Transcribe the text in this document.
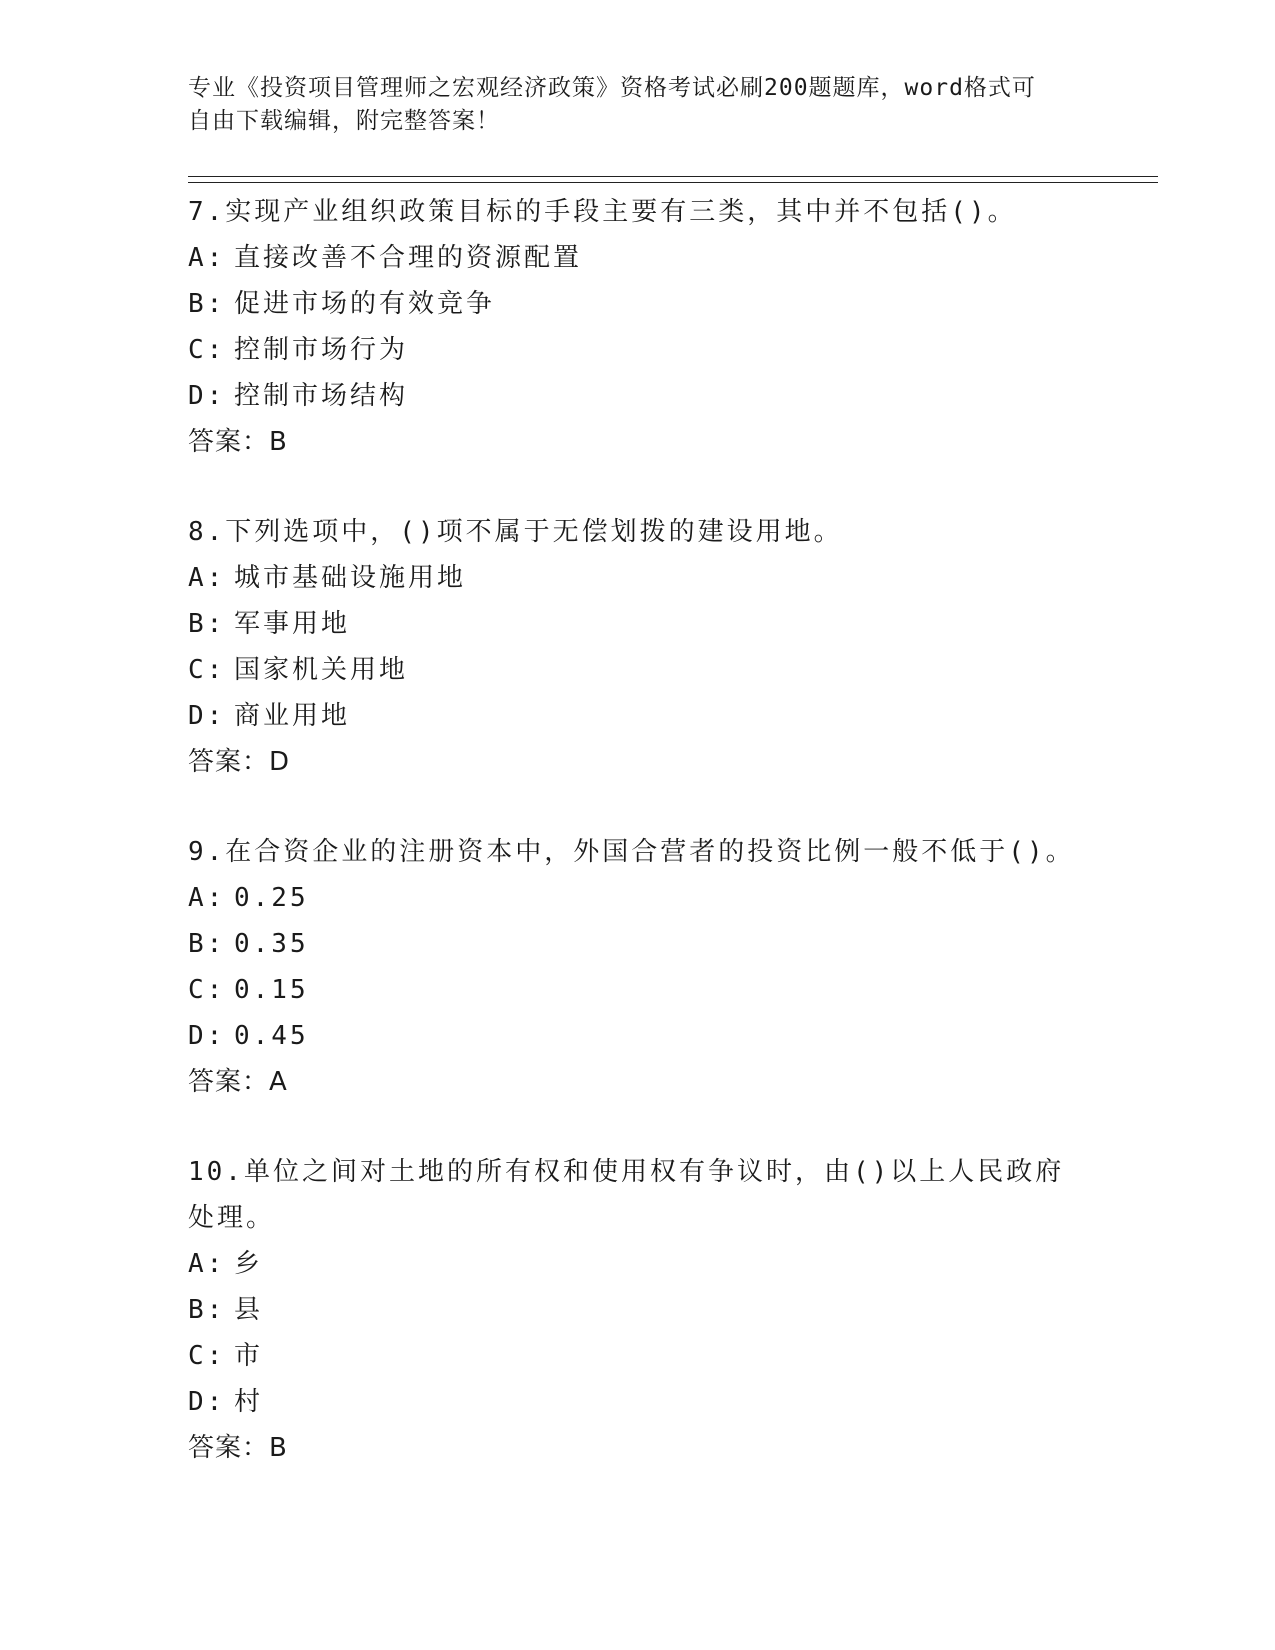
专业《投资项目管理师之宏观经济政策》资格考试必刷200题题库，word格式可
自由下载编辑，附完整答案！

7.实现产业组织政策目标的手段主要有三类，其中并不包括()。

A: 直接改善不合理的资源配置

B: 促进市场的有效竞争

C: 控制市场行为

D: 控制市场结构

答案：B

8.下列选项中，()项不属于无偿划拨的建设用地。

A: 城市基础设施用地

B: 军事用地

C: 国家机关用地

D: 商业用地

答案：D

9.在合资企业的注册资本中，外国合营者的投资比例一般不低于()。

A: 0.25

B: 0.35

C: 0.15

D: 0.45

答案：A

10.单位之间对土地的所有权和使用权有争议时，由()以上人民政府处理。

A: 乡

B: 县

C: 市

D: 村

答案：B
